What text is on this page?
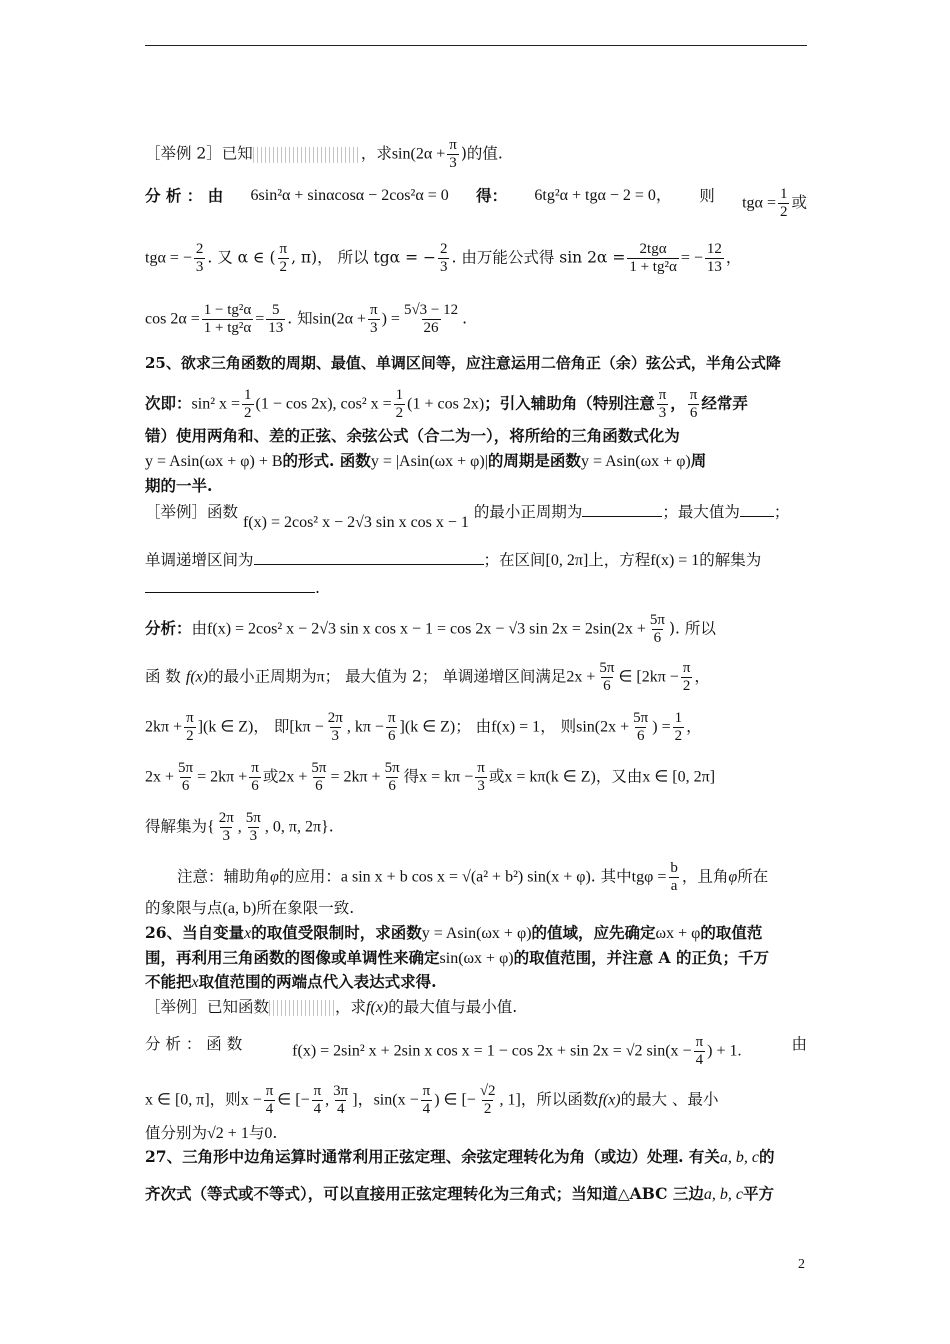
［举例 2］已知	，求$\sin(2\alpha + \frac{\pi}{3}$ )的值.
分 析 ： 由 6sin²α + sinαcosα − 2cos²α = 0 得： 6tg²α + tgα − 2 = 0， 则 $tg\alpha = \frac{1}{2}$ 或
tgα = − $\frac{2}{3}$ . 又 α ∈ ( $\frac{\pi}{2}$ , π)， 所以 tgα = − $\frac{2}{3}$ . 由万能公式得 $\sin 2\alpha = \frac{\text{2tgα}}{\text{1 + tg²α}}$ = − $\frac{12}{13}$ ，
$\cos 2\alpha = \frac{\text{1 − tg²α}}{\text{1 + tg²α}} = \frac{5}{13}$ . 知$\sin(2\alpha + \frac{\pi}{3}$ ) = $\frac{5√3 - 12}{26}$ .
25、欲求三角函数的周期、最值、单调区间等，应注意运用二倍角正（余）弦公式，半角公式降
次即：sin² $x = \frac{1}{2} (1 - \cos 2x)$, cos² $x = \frac{1}{2} (1 + \cos 2x)$；引入辅助角（特别注意 $\frac{\pi}{3}$ ， $\frac{\pi}{6}$ 经常弄
错）使用两角和、差的正弦、余弦公式（合二为一），将所给的三角函数式化为
y = Asin(ωx + φ) + B的形式. 函数y = |Asin(ωx + φ)|的周期是函数y = Asin(ωx + φ)周
期的一半.
［举例］函数 f(x) = 2cos² x − 2√3 sin x cos x − 1 的最小正周期为	；最大值为 ；
单调递增区间为	；在区间[0, 2π]上，方程f(x) = 1的解集为
.
分析：由f(x) = 2cos² x − 2√3 sin x cos x − 1 = cos 2x − √3 $\sin 2x = 2\sin(2x + \frac{5\pi}{6}$ ). 所以
函 数 f(x)的最小正周期为π； 最大值为 2； 单调递增区间满足$2x + \frac{5\pi}{6}$ ∈ [$2k\pi - \frac{\pi}{2}$ ，
$2k\pi + \frac{\pi}{2} ](k$ ∈ Z)， 即[$k\pi - \frac{2\pi}{3}$ , $k\pi - \frac{\pi}{6} ](k$ ∈ Z)； 由f(x) = 1， 则$\sin(2x + \frac{5\pi}{6}$ ) = $\frac{1}{2}$ ，
$2x + \frac{5\pi}{6} = 2k\pi + \frac{\pi}{6}$ 或$2x + \frac{5\pi}{6} = 2k\pi + \frac{5\pi}{6}$ 得$x = k\pi - \frac{\pi}{3}$ 或x = kπ(k ∈ Z)，又由x ∈ [0, 2π]
得解集为{ $\frac{2\pi}{3}$ , $\frac{5\pi}{3}$ , 0, π, 2π}.
注意：辅助角φ的应用：a sin x + b cos x = √(a² + b²) sin(x + φ). 其中$tg\varphi = \frac{b}{a}$ ，且角φ所在
的象限与点(a, b)所在象限一致.
26、当自变量x的取值受限制时，求函数y = Asin(ωx + φ)的值域，应先确定ωx + φ的取值范
围，再利用三角函数的图像或单调性来确定sin(ωx + φ)的取值范围，并注意 A 的正负；千万
不能把x取值范围的两端点代入表达式求得.
［举例］已知函数	，求f(x)的最大值与最小值.
分 析 ： 函 数	f(x) = 2sin² x + 2sin x cos x = 1 − cos 2x + sin 2x = √2 $\sin(x - \frac{\pi}{4}$ ) + 1.	由
x ∈ [0, π]，则$x - \frac{\pi}{4}$ ∈ [− $\frac{\pi}{4}$ , $\frac{3\pi}{4}$ ]，$\sin(x - \frac{\pi}{4}$ ) ∈ [− $\frac{√2}{2}$ , 1]，所以函数f(x)的最大 、最小
值分别为√2 + 1与0.
27、三角形中边角运算时通常利用正弦定理、余弦定理转化为角（或边）处理. 有关a, b, c的
齐次式（等式或不等式），可以直接用正弦定理转化为三角式；当知道△ABC 三边a, b, c平方
2
